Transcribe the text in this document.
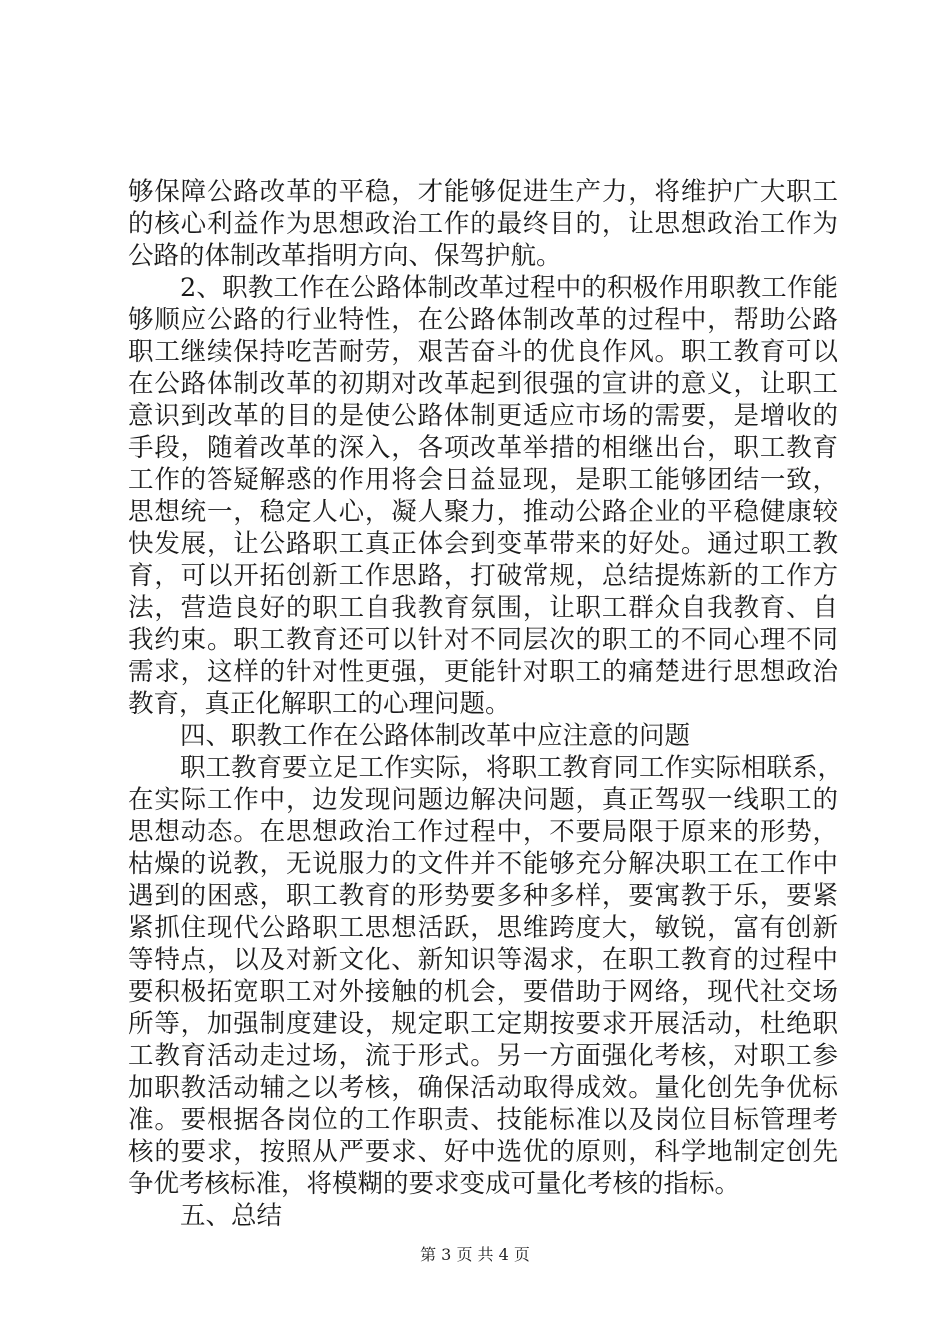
够保障公路改革的平稳，才能够促进生产力，将维护广大职工
的核心利益作为思想政治工作的最终目的，让思想政治工作为
公路的体制改革指明方向、保驾护航。
2、职教工作在公路体制改革过程中的积极作用职教工作能
够顺应公路的行业特性，在公路体制改革的过程中，帮助公路
职工继续保持吃苦耐劳，艰苦奋斗的优良作风。职工教育可以
在公路体制改革的初期对改革起到很强的宣讲的意义，让职工
意识到改革的目的是使公路体制更适应市场的需要，是增收的
手段，随着改革的深入，各项改革举措的相继出台，职工教育
工作的答疑解惑的作用将会日益显现，是职工能够团结一致，
思想统一，稳定人心，凝人聚力，推动公路企业的平稳健康较
快发展，让公路职工真正体会到变革带来的好处。通过职工教
育，可以开拓创新工作思路，打破常规，总结提炼新的工作方
法，营造良好的职工自我教育氛围，让职工群众自我教育、自
我约束。职工教育还可以针对不同层次的职工的不同心理不同
需求，这样的针对性更强，更能针对职工的痛楚进行思想政治
教育，真正化解职工的心理问题。
四、职教工作在公路体制改革中应注意的问题
职工教育要立足工作实际，将职工教育同工作实际相联系，
在实际工作中，边发现问题边解决问题，真正驾驭一线职工的
思想动态。在思想政治工作过程中，不要局限于原来的形势，
枯燥的说教，无说服力的文件并不能够充分解决职工在工作中
遇到的困惑，职工教育的形势要多种多样，要寓教于乐，要紧
紧抓住现代公路职工思想活跃，思维跨度大，敏锐，富有创新
等特点，以及对新文化、新知识等渴求，在职工教育的过程中
要积极拓宽职工对外接触的机会，要借助于网络，现代社交场
所等，加强制度建设，规定职工定期按要求开展活动，杜绝职
工教育活动走过场，流于形式。另一方面强化考核，对职工参
加职教活动辅之以考核，确保活动取得成效。量化创先争优标
准。要根据各岗位的工作职责、技能标准以及岗位目标管理考
核的要求，按照从严要求、好中选优的原则，科学地制定创先
争优考核标准，将模糊的要求变成可量化考核的指标。
五、总结
第 3 页 共 4 页
